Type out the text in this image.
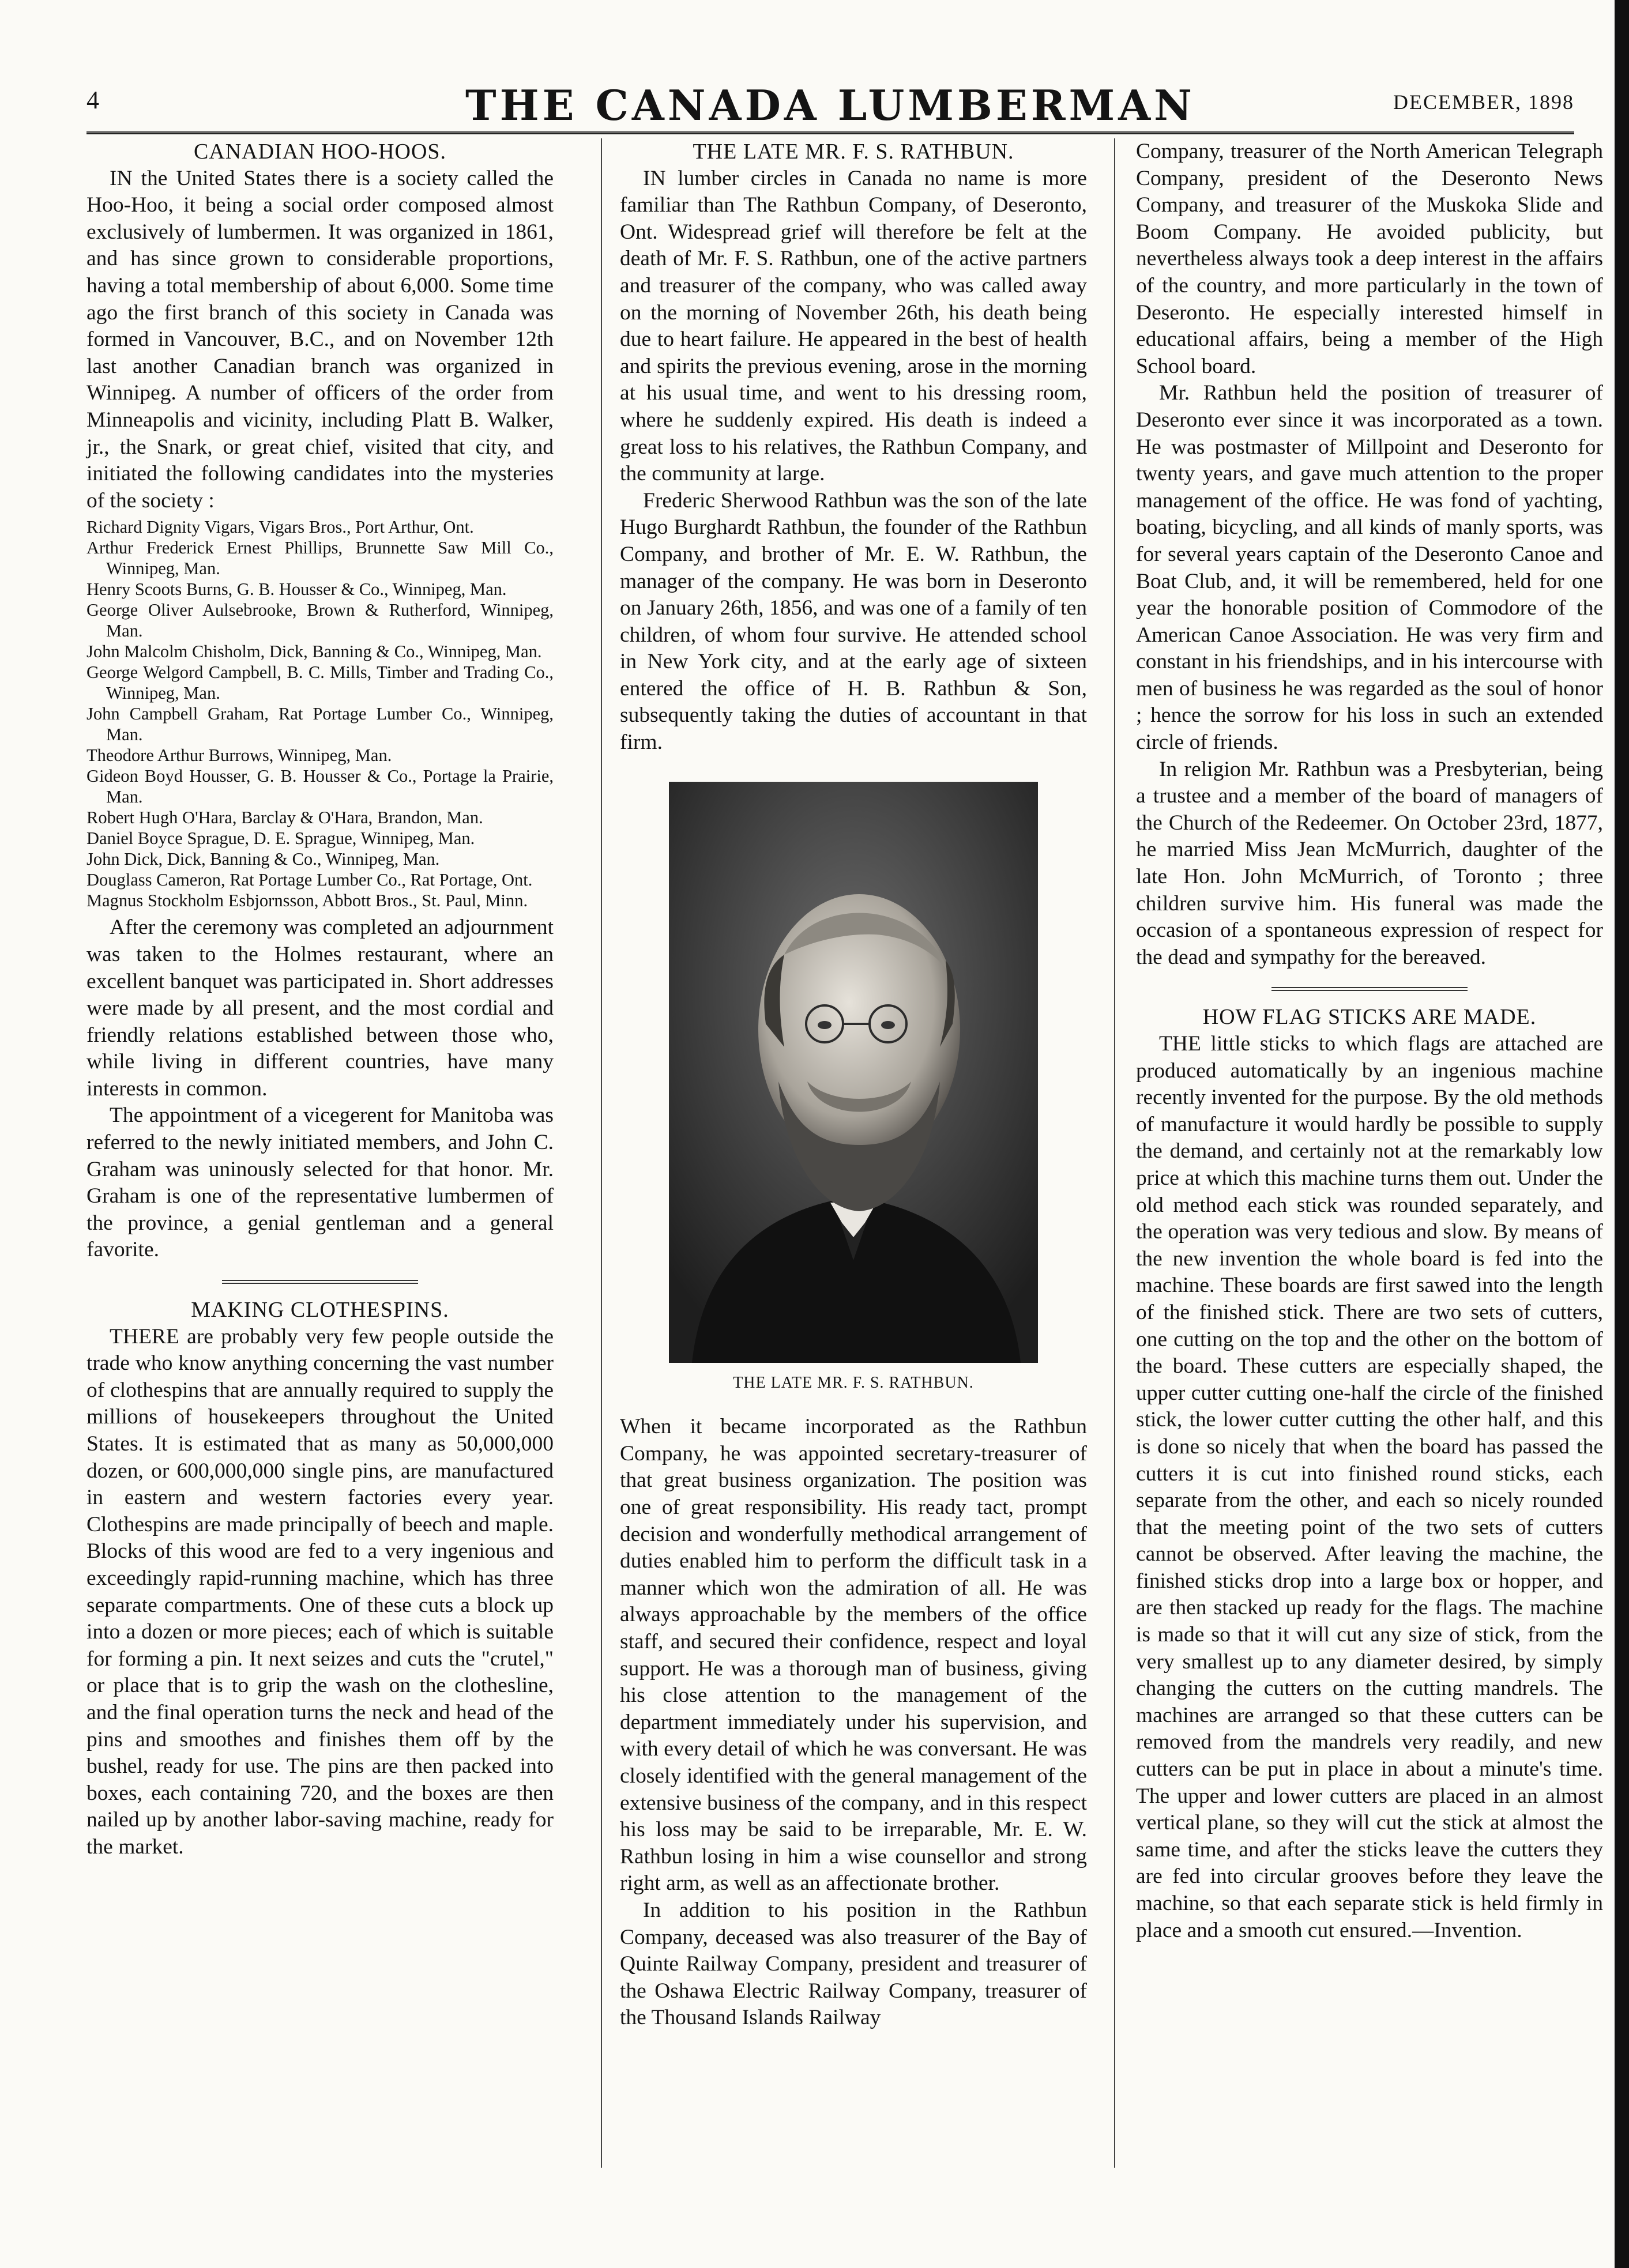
4	THE CANADA LUMBERMAN	DECEMBER, 1898
CANADIAN HOO-HOOS.

IN the United States there is a society called the Hoo-Hoo, it being a social order composed almost exclusively of lumbermen. It was organized in 1861, and has since grown to considerable proportions, having a total membership of about 6,000. Some time ago the first branch of this society in Canada was formed in Vancouver, B.C., and on November 12th last another Canadian branch was organized in Winnipeg. A number of officers of the order from Minneapolis and vicinity, including Platt B. Walker, jr., the Snark, or great chief, visited that city, and initiated the following candidates into the mysteries of the society :

Richard Dignity Vigars, Vigars Bros., Port Arthur, Ont.
Arthur Frederick Ernest Phillips, Brunnette Saw Mill Co., Winnipeg, Man.
Henry Scoots Burns, G. B. Housser & Co., Winnipeg, Man.
George Oliver Aulsebrooke, Brown & Rutherford, Winnipeg, Man.
John Malcolm Chisholm, Dick, Banning & Co., Winnipeg, Man.
George Welgord Campbell, B. C. Mills, Timber and Trading Co., Winnipeg, Man.
John Campbell Graham, Rat Portage Lumber Co., Winnipeg, Man.
Theodore Arthur Burrows, Winnipeg, Man.
Gideon Boyd Housser, G. B. Housser & Co., Portage la Prairie, Man.
Robert Hugh O'Hara, Barclay & O'Hara, Brandon, Man.
Daniel Boyce Sprague, D. E. Sprague, Winnipeg, Man.
John Dick, Dick, Banning & Co., Winnipeg, Man.
Douglass Cameron, Rat Portage Lumber Co., Rat Portage, Ont.
Magnus Stockholm Esbjornsson, Abbott Bros., St. Paul, Minn.

After the ceremony was completed an adjournment was taken to the Holmes restaurant, where an excellent banquet was participated in. Short addresses were made by all present, and the most cordial and friendly relations established between those who, while living in different countries, have many interests in common.

The appointment of a vicegerent for Manitoba was referred to the newly initiated members, and John C. Graham was uninously selected for that honor. Mr. Graham is one of the representative lumbermen of the province, a genial gentleman and a general favorite.

MAKING CLOTHESPINS.

THERE are probably very few people outside the trade who know anything concerning the vast number of clothespins that are annually required to supply the millions of housekeepers throughout the United States. It is estimated that as many as 50,000,000 dozen, or 600,000,000 single pins, are manufactured in eastern and western factories every year. Clothespins are made principally of beech and maple. Blocks of this wood are fed to a very ingenious and exceedingly rapid-running machine, which has three separate compartments. One of these cuts a block up into a dozen or more pieces; each of which is suitable for forming a pin. It next seizes and cuts the "crutel," or place that is to grip the wash on the clothesline, and the final operation turns the neck and head of the pins and smoothes and finishes them off by the bushel, ready for use. The pins are then packed into boxes, each containing 720, and the boxes are then nailed up by another labor-saving machine, ready for the market.

THE LATE MR. F. S. RATHBUN.

IN lumber circles in Canada no name is more familiar than The Rathbun Company, of Deseronto, Ont. Widespread grief will therefore be felt at the death of Mr. F. S. Rathbun, one of the active partners and treasurer of the company, who was called away on the morning of November 26th, his death being due to heart failure. He appeared in the best of health and spirits the previous evening, arose in the morning at his usual time, and went to his dressing room, where he suddenly expired. His death is indeed a great loss to his relatives, the Rathbun Company, and the community at large.

Frederic Sherwood Rathbun was the son of the late Hugo Burghardt Rathbun, the founder of the Rathbun Company, and brother of Mr. E. W. Rathbun, the manager of the company. He was born in Deseronto on January 26th, 1856, and was one of a family of ten children, of whom four survive. He attended school in New York city, and at the early age of sixteen entered the office of H. B. Rathbun & Son, subsequently taking the duties of accountant in that firm.

THE LATE MR. F. S. RATHBUN.

When it became incorporated as the Rathbun Company, he was appointed secretary-treasurer of that great business organization. The position was one of great responsibility. His ready tact, prompt decision and wonderfully methodical arrangement of duties enabled him to perform the difficult task in a manner which won the admiration of all. He was always approachable by the members of the office staff, and secured their confidence, respect and loyal support. He was a thorough man of business, giving his close attention to the management of the department immediately under his supervision, and with every detail of which he was conversant. He was closely identified with the general management of the extensive business of the company, and in this respect his loss may be said to be irreparable, Mr. E. W. Rathbun losing in him a wise counsellor and strong right arm, as well as an affectionate brother.

In addition to his position in the Rathbun Company, deceased was also treasurer of the Bay of Quinte Railway Company, president and treasurer of the Oshawa Electric Railway Company, treasurer of the Thousand Islands Railway

Company, treasurer of the North American Telegraph Company, president of the Deseronto News Company, and treasurer of the Muskoka Slide and Boom Company. He avoided publicity, but nevertheless always took a deep interest in the affairs of the country, and more particularly in the town of Deseronto. He especially interested himself in educational affairs, being a member of the High School board.

Mr. Rathbun held the position of treasurer of Deseronto ever since it was incorporated as a town. He was postmaster of Millpoint and Deseronto for twenty years, and gave much attention to the proper management of the office. He was fond of yachting, boating, bicycling, and all kinds of manly sports, was for several years captain of the Deseronto Canoe and Boat Club, and, it will be remembered, held for one year the honorable position of Commodore of the American Canoe Association. He was very firm and constant in his friendships, and in his intercourse with men of business he was regarded as the soul of honor ; hence the sorrow for his loss in such an extended circle of friends.

In religion Mr. Rathbun was a Presbyterian, being a trustee and a member of the board of managers of the Church of the Redeemer. On October 23rd, 1877, he married Miss Jean McMurrich, daughter of the late Hon. John McMurrich, of Toronto ; three children survive him. His funeral was made the occasion of a spontaneous expression of respect for the dead and sympathy for the bereaved.

HOW FLAG STICKS ARE MADE.

THE little sticks to which flags are attached are produced automatically by an ingenious machine recently invented for the purpose. By the old methods of manufacture it would hardly be possible to supply the demand, and certainly not at the remarkably low price at which this machine turns them out. Under the old method each stick was rounded separately, and the operation was very tedious and slow. By means of the new invention the whole board is fed into the machine. These boards are first sawed into the length of the finished stick. There are two sets of cutters, one cutting on the top and the other on the bottom of the board. These cutters are especially shaped, the upper cutter cutting one-half the circle of the finished stick, the lower cutter cutting the other half, and this is done so nicely that when the board has passed the cutters it is cut into finished round sticks, each separate from the other, and each so nicely rounded that the meeting point of the two sets of cutters cannot be observed. After leaving the machine, the finished sticks drop into a large box or hopper, and are then stacked up ready for the flags. The machine is made so that it will cut any size of stick, from the very smallest up to any diameter desired, by simply changing the cutters on the cutting mandrels. The machines are arranged so that these cutters can be removed from the mandrels very readily, and new cutters can be put in place in about a minute's time. The upper and lower cutters are placed in an almost vertical plane, so they will cut the stick at almost the same time, and after the sticks leave the cutters they are fed into circular grooves before they leave the machine, so that each separate stick is held firmly in place and a smooth cut ensured.—Invention.
